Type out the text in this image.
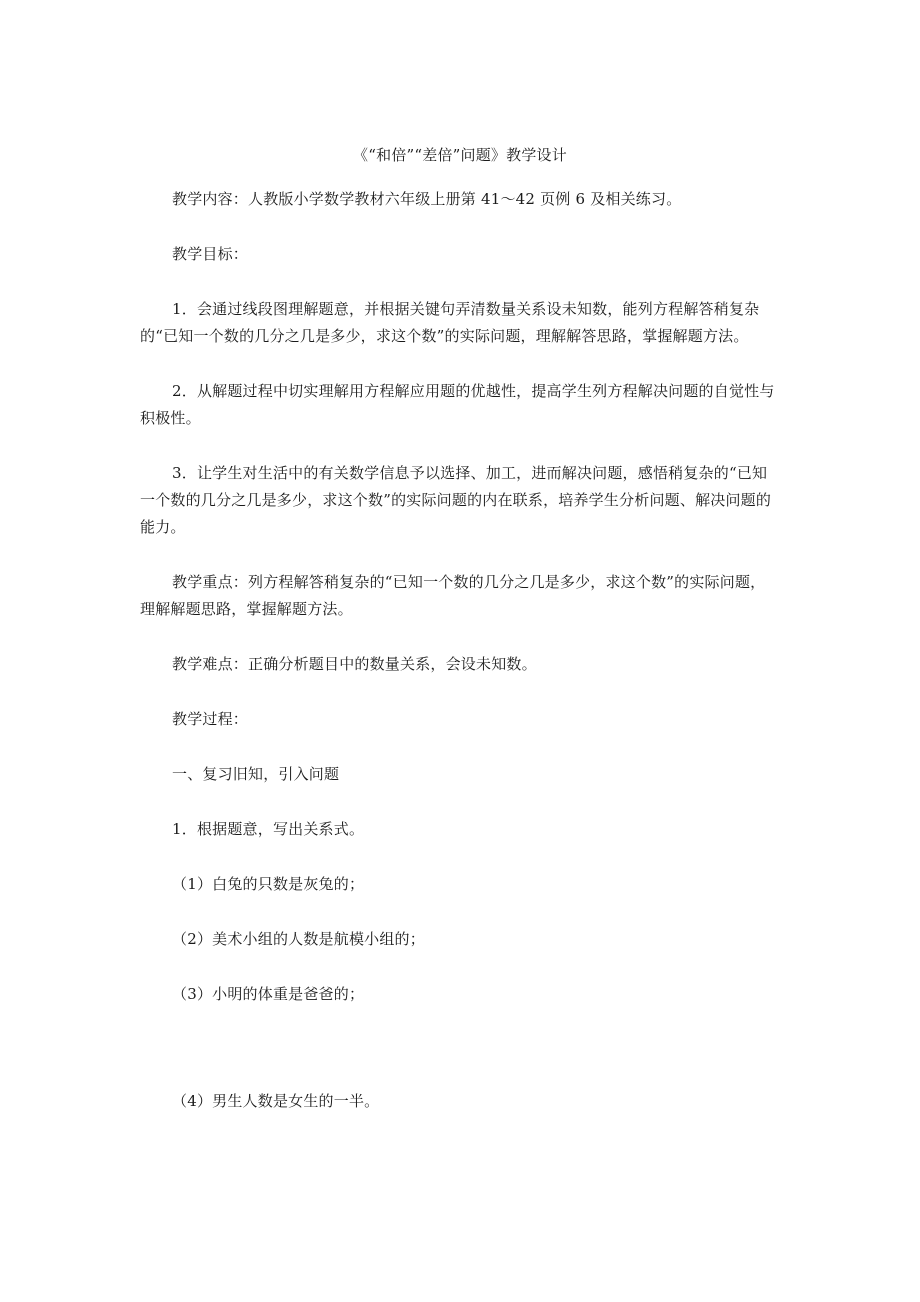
《“和倍”“差倍”问题》教学设计

教学内容：人教版小学数学教材六年级上册第 41～42 页例 6 及相关练习。

教学目标：

1．会通过线段图理解题意，并根据关键句弄清数量关系设未知数，能列方程解答稍复杂的“已知一个数的几分之几是多少，求这个数”的实际问题，理解解答思路，掌握解题方法。

2．从解题过程中切实理解用方程解应用题的优越性，提高学生列方程解决问题的自觉性与积极性。

3．让学生对生活中的有关数学信息予以选择、加工，进而解决问题，感悟稍复杂的“已知一个数的几分之几是多少，求这个数”的实际问题的内在联系，培养学生分析问题、解决问题的能力。

教学重点：列方程解答稍复杂的“已知一个数的几分之几是多少，求这个数”的实际问题，理解解题思路，掌握解题方法。

教学难点：正确分析题目中的数量关系，会设未知数。

教学过程：

一、复习旧知，引入问题

1．根据题意，写出关系式。

（1）白兔的只数是灰兔的；

（2）美术小组的人数是航模小组的；

（3）小明的体重是爸爸的；

（4）男生人数是女生的一半。
